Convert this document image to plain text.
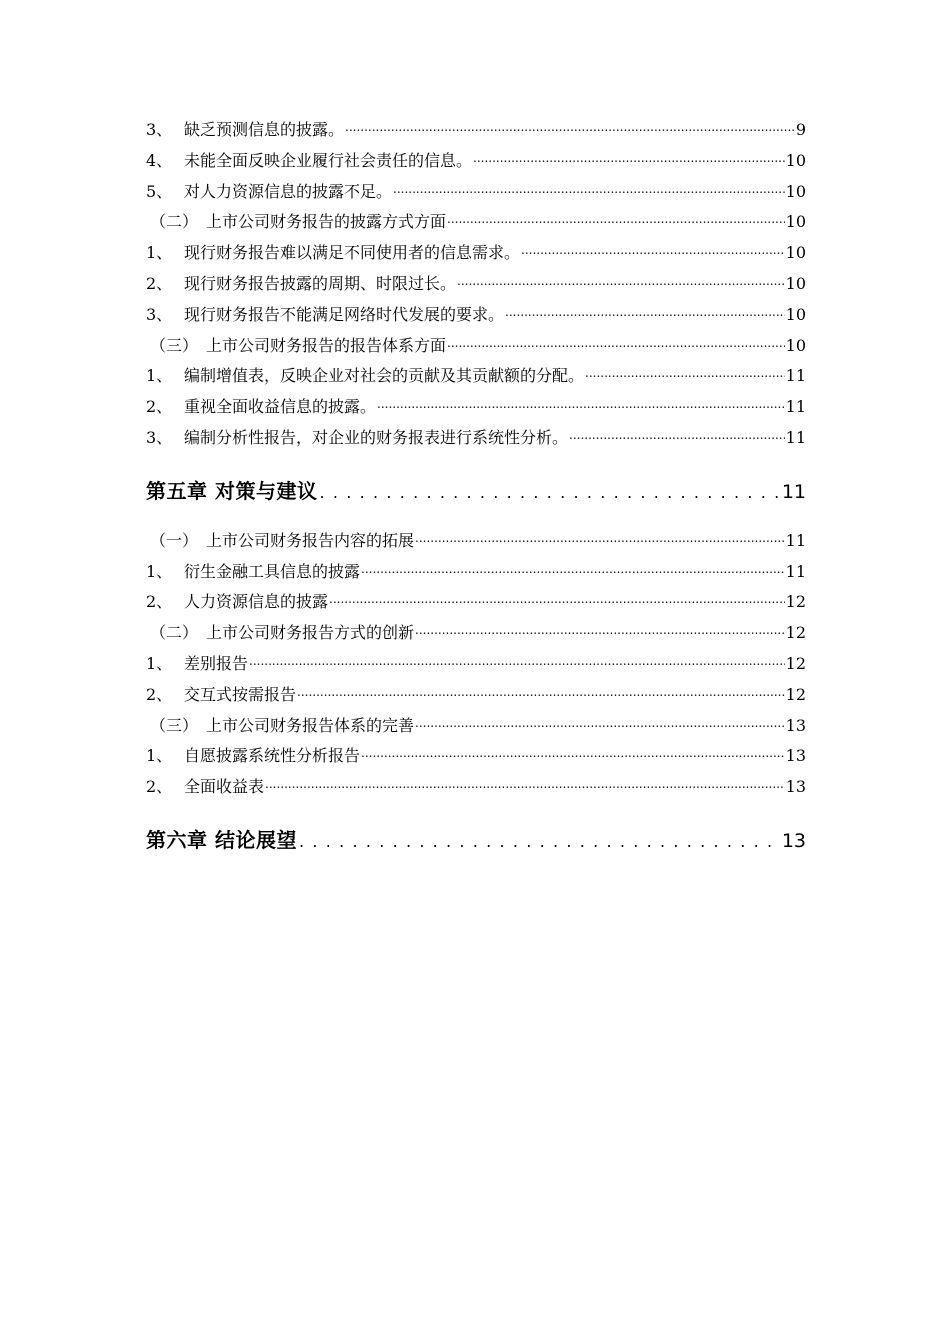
3、 缺乏预测信息的披露。 .....	9
4、 未能全面反映企业履行社会责任的信息。 .....	10
5、 对人力资源信息的披露不足。 .....	10
（二） 上市公司财务报告的披露方式方面 .....	10
1、 现行财务报告难以满足不同使用者的信息需求。 .....	10
2、 现行财务报告披露的周期、时限过长。 .....	10
3、 现行财务报告不能满足网络时代发展的要求。 .....	10
（三） 上市公司财务报告的报告体系方面 .....	10
1、 编制增值表，反映企业对社会的贡献及其贡献额的分配。 .....	11
2、 重视全面收益信息的披露。 .....	11
3、 编制分析性报告，对企业的财务报表进行系统性分析。 .....	11
第五章 对策与建议 . . .	11
（一） 上市公司财务报告内容的拓展 .....	11
1、 衍生金融工具信息的披露 .....	11
2、 人力资源信息的披露 .....	12
（二） 上市公司财务报告方式的创新 .....	12
1、 差别报告 .....	12
2、 交互式按需报告 .....	12
（三） 上市公司财务报告体系的完善 .....	13
1、 自愿披露系统性分析报告 .....	13
2、 全面收益表 .....	13
第六章 结论展望 . . .	13
